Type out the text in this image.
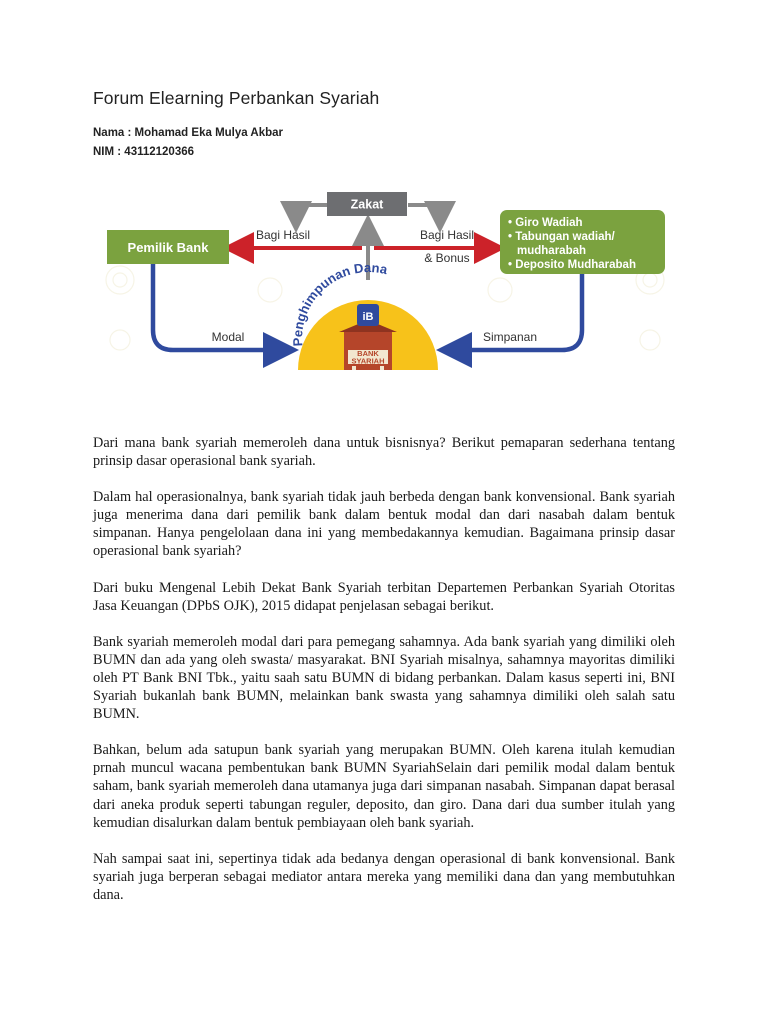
Forum Elearning Perbankan Syariah
Nama : Mohamad Eka Mulya Akbar
NIM : 43112120366
Zakat
Pemilik Bank
• Giro Wadiah
• Tabungan wadiah/
mudharabah
• Deposito Mudharabah
Bagi Hasil	Bagi Hasil
& Bonus
Modal	Simpanan
Penghimpunan Dana
iB
BANK
SYARIAH

Dari mana bank syariah memeroleh dana untuk bisnisnya? Berikut pemaparan sederhana tentang prinsip dasar operasional bank syariah.

Dalam hal operasionalnya, bank syariah tidak jauh berbeda dengan bank konvensional. Bank syariah juga menerima dana dari pemilik bank dalam bentuk modal dan dari nasabah dalam bentuk simpanan. Hanya pengelolaan dana ini yang membedakannya kemudian. Bagaimana prinsip dasar operasional bank syariah?

Dari buku Mengenal Lebih Dekat Bank Syariah terbitan Departemen Perbankan Syariah Otoritas Jasa Keuangan (DPbS OJK), 2015 didapat penjelasan sebagai berikut.

Bank syariah memeroleh modal dari para pemegang sahamnya. Ada bank syariah yang dimiliki oleh BUMN dan ada yang oleh swasta/ masyarakat. BNI Syariah misalnya, sahamnya mayoritas dimiliki oleh PT Bank BNI Tbk., yaitu saah satu BUMN di bidang perbankan. Dalam kasus seperti ini, BNI Syariah bukanlah bank BUMN, melainkan bank swasta yang sahamnya dimiliki oleh salah satu BUMN.

Bahkan, belum ada satupun bank syariah yang merupakan BUMN. Oleh karena itulah kemudian prnah muncul wacana pembentukan bank BUMN SyariahSelain dari pemilik modal dalam bentuk saham, bank syariah memeroleh dana utamanya juga dari simpanan nasabah. Simpanan dapat berasal dari aneka produk seperti tabungan reguler, deposito, dan giro. Dana dari dua sumber itulah yang kemudian disalurkan dalam bentuk pembiayaan oleh bank syariah.

Nah sampai saat ini, sepertinya tidak ada bedanya dengan operasional di bank konvensional. Bank syariah juga berperan sebagai mediator antara mereka yang memiliki dana dan yang membutuhkan dana.
